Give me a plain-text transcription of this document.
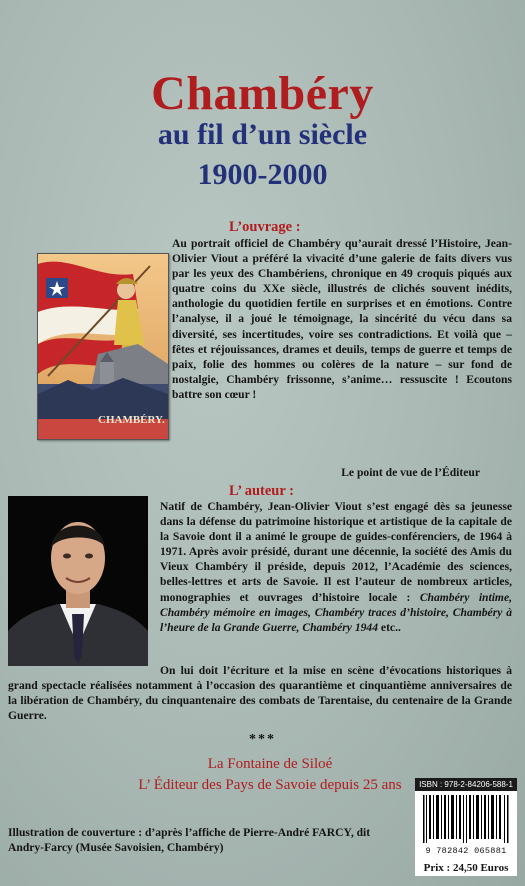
Chambéry
au fil d’un siècle
1900-2000
L’ouvrage :
CHAMBÉRY.

Au portrait officiel de Chambéry qu’aurait dressé l’Histoire, Jean-Olivier Viout a préféré la vivacité d’une galerie de faits divers vus par les yeux des Chambériens, chronique en 49 croquis piqués aux quatre coins du XXe siècle, illustrés de clichés souvent inédits, anthologie du quotidien fertile en surprises et en émotions. Contre l’analyse, il a joué le témoignage, la sincérité du vécu dans sa diversité, ses incertitudes, voire ses contradictions. Et voilà que – fêtes et réjouissances, drames et deuils, temps de guerre et temps de paix, folie des hommes ou colères de la nature – sur fond de nostalgie, Chambéry frissonne, s’anime… ressuscite ! Ecoutons battre son cœur !

Le point de vue de l’Éditeur
L’ auteur :

Natif de Chambéry, Jean-Olivier Viout s’est engagé dès sa jeunesse dans la défense du patrimoine historique et artistique de la capitale de la Savoie dont il a animé le groupe de guides-conférenciers, de 1964 à 1971. Après avoir présidé, durant une décennie, la société des Amis du Vieux Chambéry il préside, depuis 2012, l’Académie des sciences, belles-lettres et arts de Savoie. Il est l’auteur de nombreux articles, monographies et ouvrages d’histoire locale : Chambéry intime, Chambéry mémoire en images, Chambéry traces d’histoire, Chambéry à l’heure de la Grande Guerre, Chambéry 1944 etc..

On lui doit l’écriture et la mise en scène d’évocations historiques à grand spectacle réalisées notamment à l’occasion des quarantième et cinquantième anniversaires de la libération de Chambéry, du cinquantenaire des combats de Tarentaise, du centenaire de la Grande Guerre.

***
La Fontaine de Siloé
L’ Éditeur des Pays de Savoie depuis 25 ans	ISBN : 978-2-84206-588-1
9 782842 065881
Prix : 24,50 Euros
Illustration de couverture : d’après l’affiche de Pierre-André FARCY, dit Andry-Farcy (Musée Savoisien, Chambéry)
